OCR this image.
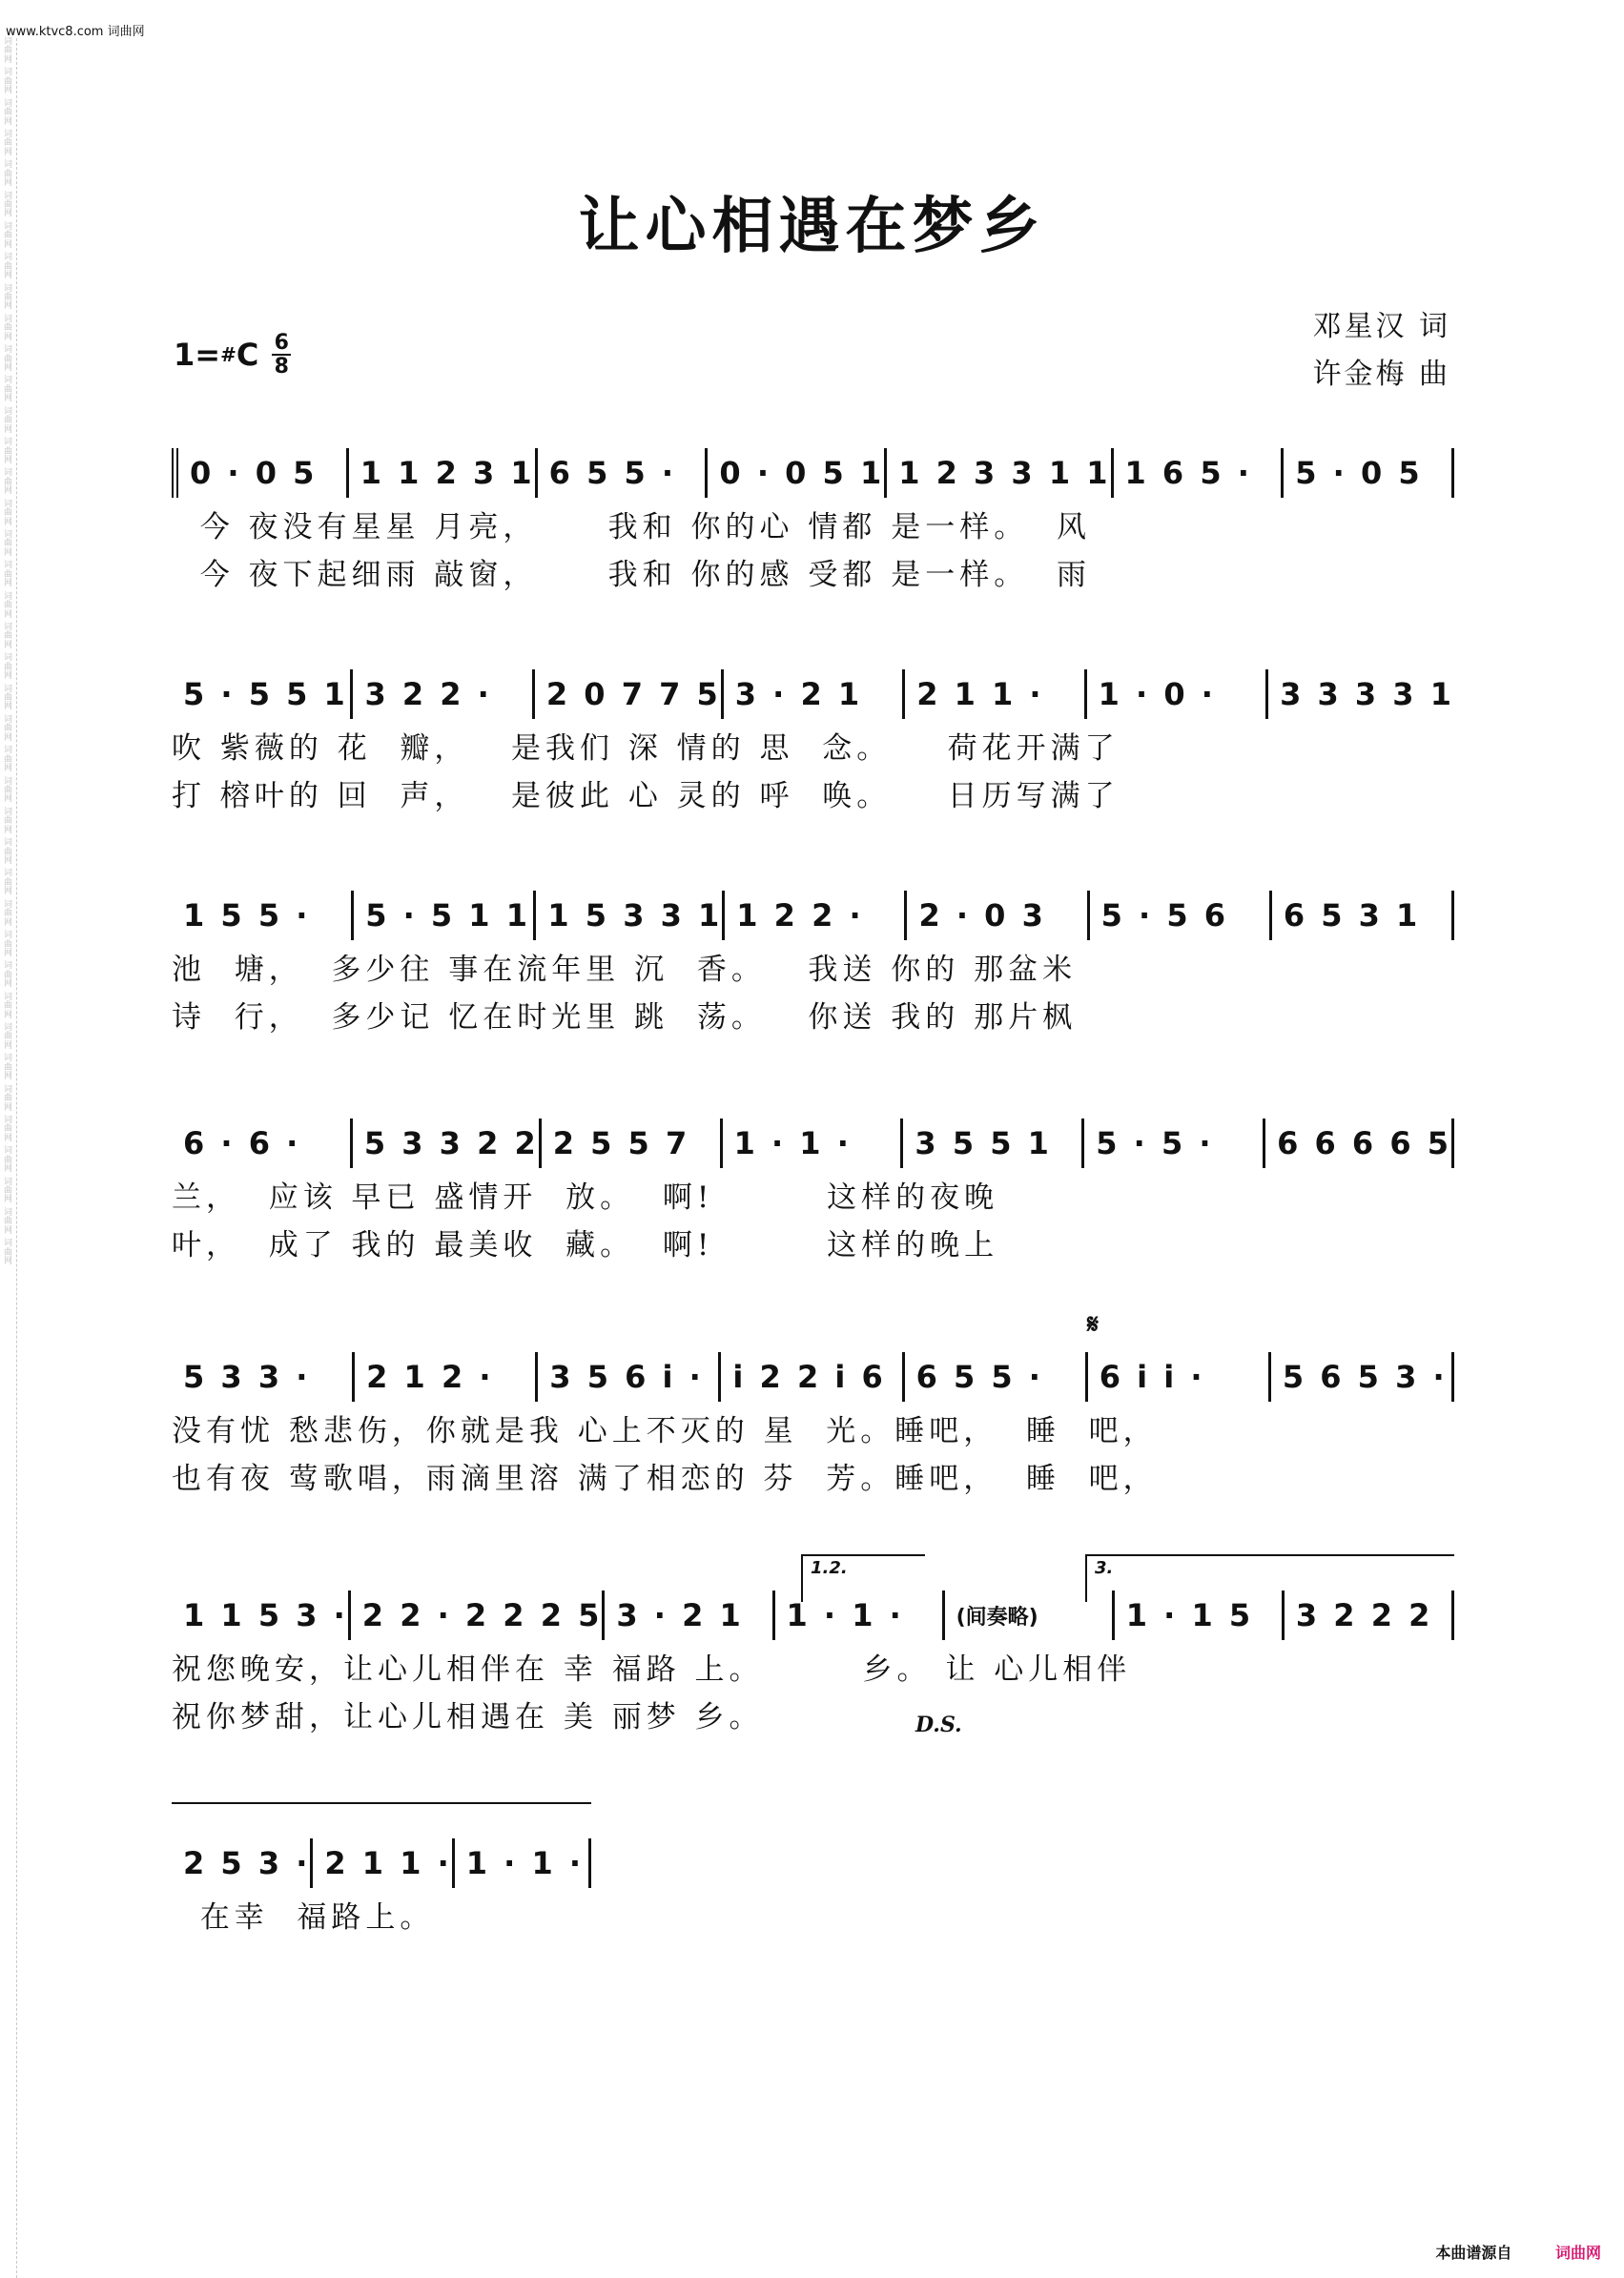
www.ktvc8.com 词曲网
词
曲
网
词
曲
网
词
曲
网
词
曲
网
词
曲
网
词
曲
网
词
曲
网
词
曲
网
词
曲
网
词
曲
网
词
曲
网
词
曲
网
词
曲
网
词
曲
网
词
曲
网
词
曲
网
词
曲
网
词
曲
网
词
曲
网
词
曲
网
词
曲
网
词
曲
网
词
曲
网
词
曲
网
词
曲
网
词
曲
网
词
曲
网
词
曲
网
词
曲
网
词
曲
网
词
曲
网
词
曲
网
词
曲
网
词
曲
网
词
曲
网
词
曲
网
词
曲
网
词
曲
网
词
曲
网
词
曲
网
让心相遇在梦乡
1= # C $\frac{6}{8}$
邓星汉 词
许金梅 曲
0 · 0 5	1 1 2 3 1 6 5 5 ·	0 · 0 5 1 1 2 3 3 1 1 1 6 5 ·	5 · 0 5
今 夜没有星星 月亮，     我和 你的心 情都 是一样。  风
今 夜下起细雨 敲窗，     我和 你的感 受都 是一样。  雨
5 · 5 5 1 3 2 2 ·	2 0 7 7 5 3 · 2 1	2 1 1 ·	1 · 0 ·	3 3 3 3 1
吹 紫薇的 花  瓣，   是我们 深 情的 思  念。    荷花开满了
打 榕叶的 回  声，   是彼此 心 灵的 呼  唤。    日历写满了
1 5 5 ·	5 · 5 1 1 1 5 3 3 1 1 2 2 ·	2 · 0 3	5 · 5 6	6 5 3 1
池  塘，  多少往 事在流年里 沉  香。   我送 你的 那盆米
诗  行，  多少记 忆在时光里 跳  荡。   你送 我的 那片枫
6 · 6 ·	5 3 3 2 2 2 5 5 7	1 · 1 ·	3 5 5 1	5 · 5 ·	6 6 6 6 5
兰，  应该 早已 盛情开  放。  啊!        这样的夜晚
叶，  成了 我的 最美收  藏。  啊!        这样的晚上
𝄋
5 3 3 ·	2 1 2 ·	3 5 6 i · i 2 2 i 6 6 5 5 ·	6 i i ·	5 6 5 3 ·
没有忧 愁悲伤，你就是我 心上不灭的 星  光。睡吧，  睡  吧，
也有夜 莺歌唱，雨滴里溶 满了相恋的 芬  芳。睡吧，  睡  吧，
1.2.	3.
1 1 5 3 · 2 2 · 2 2 2 5 3 · 2 1	1 · 1 ·	(间奏略)	1 · 1 5	3 2 2 2
祝您晚安，让心儿相伴在 幸 福路 上。       乡。 让 心儿相伴
祝你梦甜，让心儿相遇在 美 丽梦 乡。	D.S.
2 5 3 · 2 1 1 · 1 · 1 ·
在幸  福路上。
本曲谱源自	词曲网
